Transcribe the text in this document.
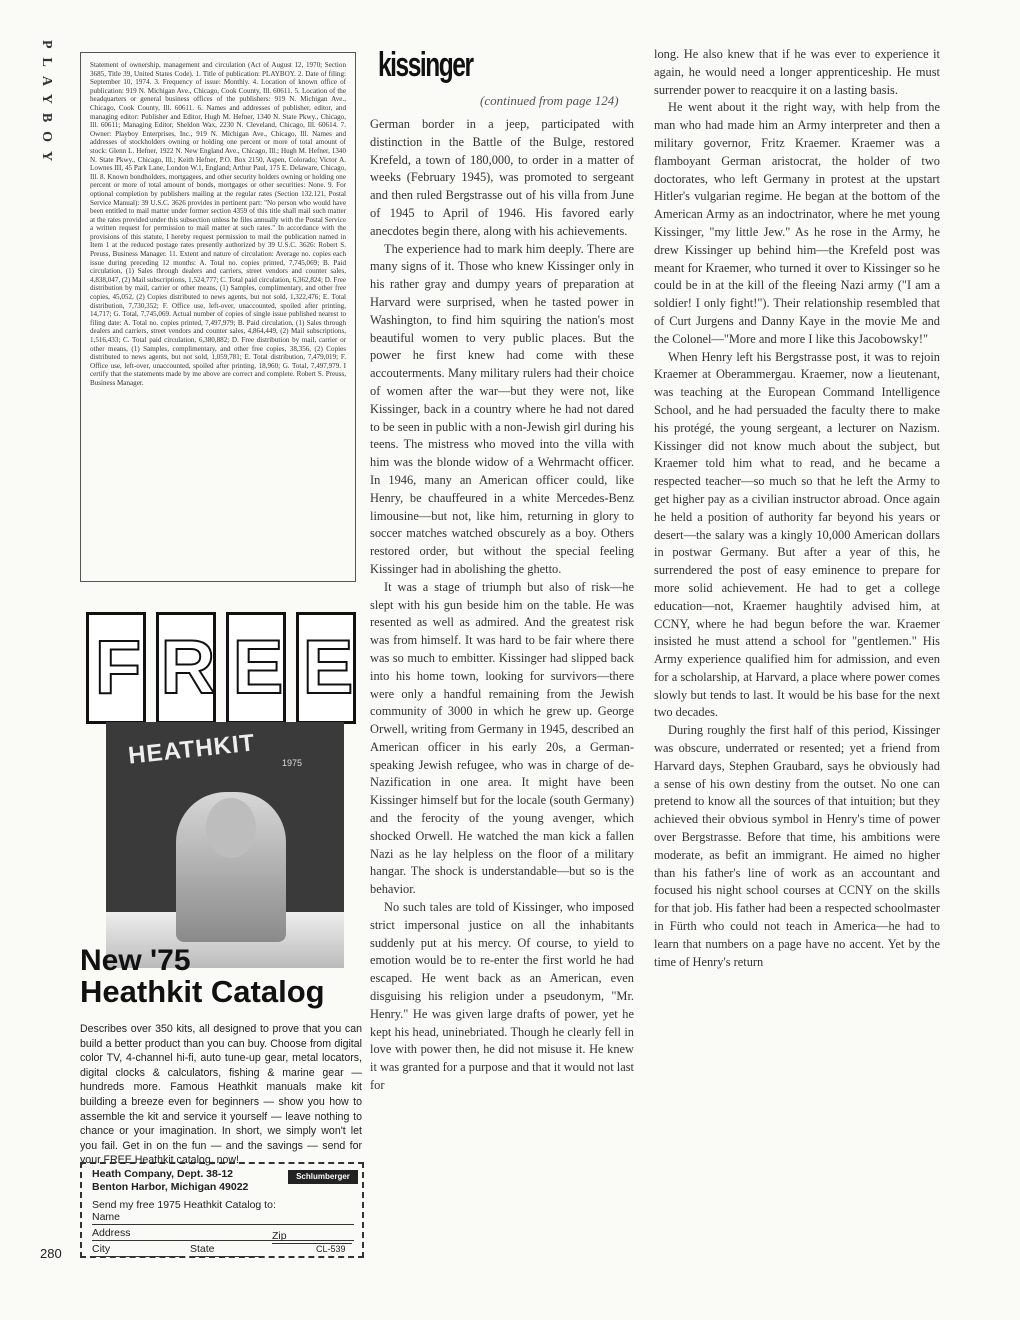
PLAYBOY
280

Statement of ownership, management and circulation (Act of August 12, 1970; Section 3685, Title 39, United States Code). 1. Title of publication: PLAYBOY. 2. Date of filing: September 10, 1974. 3. Frequency of issue: Monthly. 4. Location of known office of publication: 919 N. Michigan Ave., Chicago, Cook County, Ill. 60611. 5. Location of the headquarters or general business offices of the publishers: 919 N. Michigan Ave., Chicago, Cook County, Ill. 60611. 6. Names and addresses of publisher, editor, and managing editor: Publisher and Editor, Hugh M. Hefner, 1340 N. State Pkwy., Chicago, Ill. 60611; Managing Editor, Sheldon Wax, 2230 N. Cleveland, Chicago, Ill. 60614. 7. Owner: Playboy Enterprises, Inc., 919 N. Michigan Ave., Chicago, Ill. Names and addresses of stockholders owning or holding one percent or more of total amount of stock: Glenn L. Hefner, 1922 N. New England Ave., Chicago, Ill.; Hugh M. Hefner, 1340 N. State Pkwy., Chicago, Ill.; Keith Hefner, P.O. Box 2150, Aspen, Colorado; Victor A. Lownes III, 45 Park Lane, London W.1, England; Arthur Paul, 175 E. Delaware, Chicago, Ill. 8. Known bondholders, mortgagees, and other security holders owning or holding one percent or more of total amount of bonds, mortgages or other securities: None. 9. For optional completion by publishers mailing at the regular rates (Section 132.121, Postal Service Manual): 39 U.S.C. 3626 provides in pertinent part: "No person who would have been entitled to mail matter under former section 4359 of this title shall mail such matter at the rates provided under this subsection unless he files annually with the Postal Service a written request for permission to mail matter at such rates." In accordance with the provisions of this statute, I hereby request permission to mail the publication named in Item 1 at the reduced postage rates presently authorized by 39 U.S.C. 3626: Robert S. Preuss, Business Manager. 11. Extent and nature of circulation: Average no. copies each issue during preceding 12 months: A. Total no. copies printed, 7,745,069; B. Paid circulation, (1) Sales through dealers and carriers, street vendors and counter sales, 4,838,047, (2) Mail subscriptions, 1,524,777; C. Total paid circulation, 6,362,824; D. Free distribution by mail, carrier or other means, (1) Samples, complimentary, and other free copies, 45,052, (2) Copies distributed to news agents, but not sold, 1,322,476; E. Total distribution, 7,730,352; F. Office use, left-over, unaccounted, spoiled after printing, 14,717; G. Total, 7,745,069. Actual number of copies of single issue published nearest to filing date: A. Total no. copies printed, 7,497,979; B. Paid circulation, (1) Sales through dealers and carriers, street vendors and counter sales, 4,864,449, (2) Mail subscriptions, 1,516,433; C. Total paid circulation, 6,380,882; D. Free distribution by mail, carrier or other means, (1) Samples, complimentary, and other free copies, 38,356, (2) Copies distributed to news agents, but not sold, 1,059,781; E. Total distribution, 7,479,019; F. Office use, left-over, unaccounted, spoiled after printing, 18,960; G. Total, 7,497,979. I certify that the statements made by me above are correct and complete. Robert S. Preuss, Business Manager.

F R E E
HEATHKIT	1975
New '75
Heathkit Catalog

Describes over 350 kits, all designed to prove that you can build a better product than you can buy. Choose from digital color TV, 4-channel hi-fi, auto tune-up gear, metal locators, digital clocks & calculators, fishing & marine gear — hundreds more. Famous Heathkit manuals make kit building a breeze even for beginners — show you how to assemble the kit and service it yourself — leave nothing to chance or your imagination. In short, we simply won't let you fail. Get in on the fun — and the savings — send for your FREE Heathkit catalog, now!

Heath Company, Dept. 38-12
Benton Harbor, Michigan 49022
Schlumberger
Send my free 1975 Heathkit Catalog to:
Name
Address
City	State
Zip
CL-539
kissinger
(continued from page 124)

German border in a jeep, participated with distinction in the Battle of the Bulge, restored Krefeld, a town of 180,000, to order in a matter of weeks (February 1945), was promoted to sergeant and then ruled Bergstrasse out of his villa from June of 1945 to April of 1946. His favored early anecdotes begin there, along with his achievements.

The experience had to mark him deeply. There are many signs of it. Those who knew Kissinger only in his rather gray and dumpy years of preparation at Harvard were surprised, when he tasted power in Washington, to find him squiring the nation's most beautiful women to very public places. But the power he first knew had come with these accouterments. Many military rulers had their choice of women after the war—but they were not, like Kissinger, back in a country where he had not dared to be seen in public with a non-Jewish girl during his teens. The mistress who moved into the villa with him was the blonde widow of a Wehrmacht officer. In 1946, many an American officer could, like Henry, be chauffeured in a white Mercedes-Benz limousine—but not, like him, returning in glory to soccer matches watched obscurely as a boy. Others restored order, but without the special feeling Kissinger had in abolishing the ghetto.

It was a stage of triumph but also of risk—he slept with his gun beside him on the table. He was resented as well as admired. And the greatest risk was from himself. It was hard to be fair where there was so much to embitter. Kissinger had slipped back into his home town, looking for survivors—there were only a handful remaining from the Jewish community of 3000 in which he grew up. George Orwell, writing from Germany in 1945, described an American officer in his early 20s, a German-speaking Jewish refugee, who was in charge of de-Nazification in one area. It might have been Kissinger himself but for the locale (south Germany) and the ferocity of the young avenger, which shocked Orwell. He watched the man kick a fallen Nazi as he lay helpless on the floor of a military hangar. The shock is understandable—but so is the behavior.

No such tales are told of Kissinger, who imposed strict impersonal justice on all the inhabitants suddenly put at his mercy. Of course, to yield to emotion would be to re-enter the first world he had escaped. He went back as an American, even disguising his religion under a pseudonym, "Mr. Henry." He was given large drafts of power, yet he kept his head, uninebriated. Though he clearly fell in love with power then, he did not misuse it. He knew it was granted for a purpose and that it would not last for

long. He also knew that if he was ever to experience it again, he would need a longer apprenticeship. He must surrender power to reacquire it on a lasting basis.

He went about it the right way, with help from the man who had made him an Army interpreter and then a military governor, Fritz Kraemer. Kraemer was a flamboyant German aristocrat, the holder of two doctorates, who left Germany in protest at the upstart Hitler's vulgarian regime. He began at the bottom of the American Army as an indoctrinator, where he met young Kissinger, "my little Jew." As he rose in the Army, he drew Kissinger up behind him—the Krefeld post was meant for Kraemer, who turned it over to Kissinger so he could be in at the kill of the fleeing Nazi army ("I am a soldier! I only fight!"). Their relationship resembled that of Curt Jurgens and Danny Kaye in the movie Me and the Colonel—"More and more I like this Jacobowsky!"

When Henry left his Bergstrasse post, it was to rejoin Kraemer at Oberammergau. Kraemer, now a lieutenant, was teaching at the European Command Intelligence School, and he had persuaded the faculty there to make his protégé, the young sergeant, a lecturer on Nazism. Kissinger did not know much about the subject, but Kraemer told him what to read, and he became a respected teacher—so much so that he left the Army to get higher pay as a civilian instructor abroad. Once again he held a position of authority far beyond his years or desert—the salary was a kingly 10,000 American dollars in postwar Germany. But after a year of this, he surrendered the post of easy eminence to prepare for more solid achievement. He had to get a college education—not, Kraemer haughtily advised him, at CCNY, where he had begun before the war. Kraemer insisted he must attend a school for "gentlemen." His Army experience qualified him for admission, and even for a scholarship, at Harvard, a place where power comes slowly but tends to last. It would be his base for the next two decades.

During roughly the first half of this period, Kissinger was obscure, underrated or resented; yet a friend from Harvard days, Stephen Graubard, says he obviously had a sense of his own destiny from the outset. No one can pretend to know all the sources of that intuition; but they achieved their obvious symbol in Henry's time of power over Bergstrasse. Before that time, his ambitions were moderate, as befit an immigrant. He aimed no higher than his father's line of work as an accountant and focused his night school courses at CCNY on the skills for that job. His father had been a respected schoolmaster in Fürth who could not teach in America—he had to learn that numbers on a page have no accent. Yet by the time of Henry's return
